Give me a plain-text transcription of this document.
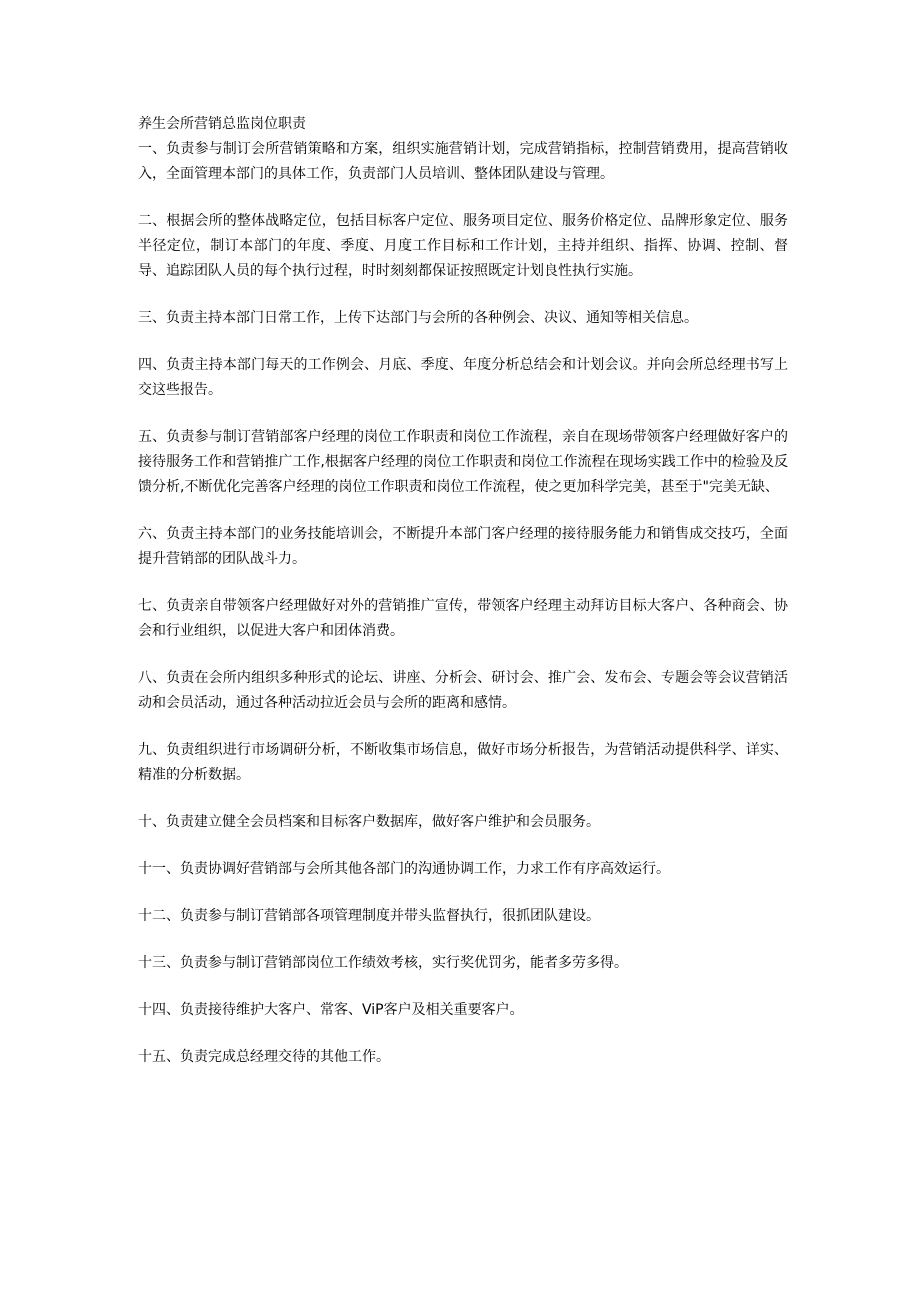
养生会所营销总监岗位职责

一、负责参与制订会所营销策略和方案，组织实施营销计划，完成营销指标，控制营销费用，提高营销收入，全面管理本部门的具体工作，负责部门人员培训、整体团队建设与管理。

二、根据会所的整体战略定位，包括目标客户定位、服务项目定位、服务价格定位、品牌形象定位、服务半径定位，制订本部门的年度、季度、月度工作目标和工作计划，主持并组织、指挥、协调、控制、督导、追踪团队人员的每个执行过程，时时刻刻都保证按照既定计划良性执行实施。

三、负责主持本部门日常工作，上传下达部门与会所的各种例会、决议、通知等相关信息。

四、负责主持本部门每天的工作例会、月底、季度、年度分析总结会和计划会议。并向会所总经理书写上交这些报告。

五、负责参与制订营销部客户经理的岗位工作职责和岗位工作流程，亲自在现场带领客户经理做好客户的接待服务工作和营销推广工作,根据客户经理的岗位工作职责和岗位工作流程在现场实践工作中的检验及反馈分析,不断优化完善客户经理的岗位工作职责和岗位工作流程，使之更加科学完美，甚至于"完美无缺、

六、负责主持本部门的业务技能培训会，不断提升本部门客户经理的接待服务能力和销售成交技巧，全面提升营销部的团队战斗力。

七、负责亲自带领客户经理做好对外的营销推广宣传，带领客户经理主动拜访目标大客户、各种商会、协会和行业组织，以促进大客户和团体消费。

八、负责在会所内组织多种形式的论坛、讲座、分析会、研讨会、推广会、发布会、专题会等会议营销活动和会员活动，通过各种活动拉近会员与会所的距离和感情。

九、负责组织进行市场调研分析，不断收集市场信息，做好市场分析报告，为营销活动提供科学、详实、精准的分析数据。

十、负责建立健全会员档案和目标客户数据库，做好客户维护和会员服务。

十一、负责协调好营销部与会所其他各部门的沟通协调工作，力求工作有序高效运行。

十二、负责参与制订营销部各项管理制度并带头监督执行，很抓团队建设。

十三、负责参与制订营销部岗位工作绩效考核，实行奖优罚劣，能者多劳多得。

十四、负责接待维护大客户、常客、ViP客户及相关重要客户。

十五、负责完成总经理交待的其他工作。
